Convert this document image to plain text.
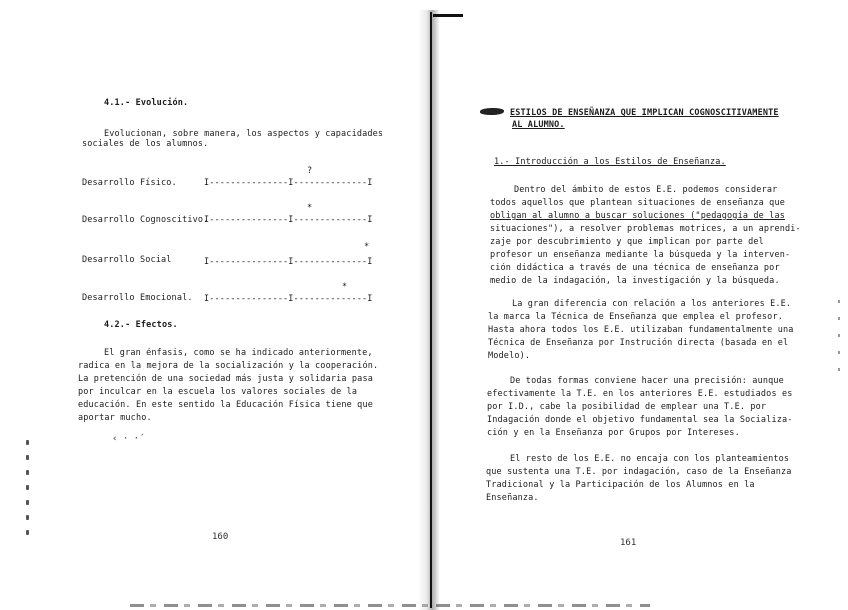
4.1.- Evolución.
Evolucionan, sobre manera, los aspectos y capacidades
sociales de los alumnos.
Desarrollo Físico.	I---------------I--------------I
?
Desarrollo Cognoscitivo.
I---------------I--------------I
*
Desarrollo Social	I---------------I--------------I
*
Desarrollo Emocional. I---------------I--------------I
*
4.2.- Efectos.
El gran énfasis, como se ha indicado anteriormente,
radica en la mejora de la socialización y la cooperación.
La pretención de una sociedad más justa y solidaria pasa
por inculcar en la escuela los valores sociales de la
educación. En este sentido la Educación Física tiene que
aportar mucho.
‹ · ·´
160
ESTILOS DE ENSEÑANZA QUE IMPLICAN COGNOSCITIVAMENTE
AL ALUMNO.
1.- Introducción a los Estilos de Enseñanza.
Dentro del ámbito de estos E.E. podemos considerar
todos aquellos que plantean situaciones de enseñanza que
obligan al alumno a buscar soluciones ("pedagogía de las
situaciones"), a resolver problemas motrices, a un aprendi-
zaje por descubrimiento y que implican por parte del
profesor un enseñanza mediante la búsqueda y la interven-
ción didáctica a través de una técnica de enseñanza por
medio de la indagación, la investigación y la búsqueda.
La gran diferencia con relación a los anteriores E.E.
la marca la Técnica de Enseñanza que emplea el profesor.
Hasta ahora todos los E.E. utilizaban fundamentalmente una
Técnica de Enseñanza por Instrución directa (basada en el
Modelo).
De todas formas conviene hacer una precisión: aunque
efectivamente la T.E. en los anteriores E.E. estudiados es
por I.D., cabe la posibilidad de emplear una T.E. por
Indagación donde el objetivo fundamental sea la Socializa-
ción y en la Enseñanza por Grupos por Intereses.
El resto de los E.E. no encaja con los planteamientos
que sustenta una T.E. por indagación, caso de la Enseñanza
Tradicional y la Participación de los Alumnos en la
Enseñanza.
161
